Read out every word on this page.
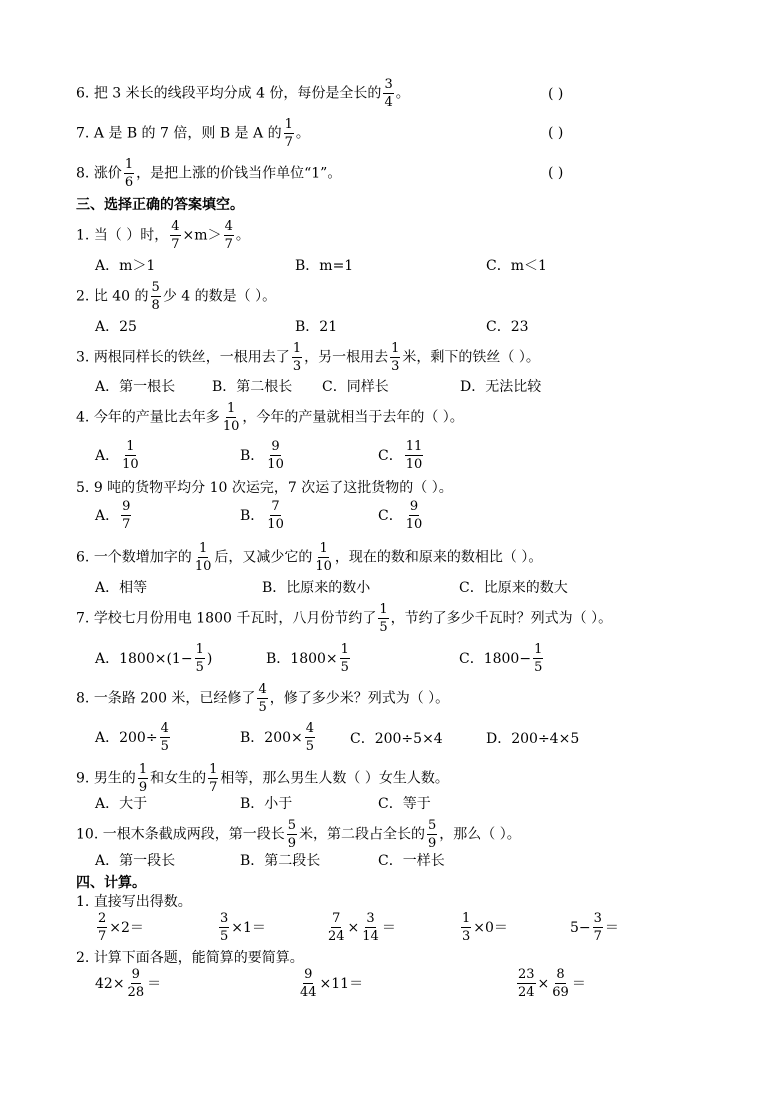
6. 把 3 米长的线段平均分成 4 份，每份是全长的 $\frac{3}{4}$ 。	( )
7. A 是 B 的 7 倍，则 B 是 A 的 $\frac{1}{7}$ 。	( )
8. 涨价 $\frac{1}{6}$ ，是把上涨的价钱当作单位“1”。	( )
三、选择正确的答案填空。
1. 当（ ）时， $\frac{4}{7} \times m> \frac{4}{7}$ 。
A．m＞1	B．m=1	C．m＜1
2. 比 40 的 $\frac{5}{8}$ 少 4 的数是（ ）。
A．25	B．21	C．23
3. 两根同样长的铁丝，一根用去了 $\frac{1}{3}$ ，另一根用去 $\frac{1}{3}$ 米，剩下的铁丝（ ）。
A．第一根长	B．第二根长 C．同样长	D．无法比较
4. 今年的产量比去年多 $\frac{1}{10}$ ，今年的产量就相当于去年的（ ）。
A． $\frac{1}{10}$	B． $\frac{9}{10}$	C． $\frac{11}{10}$
5. 9 吨的货物平均分 10 次运完，7 次运了这批货物的（ ）。
A． $\frac{9}{7}$	B． $\frac{7}{10}$	C． $\frac{9}{10}$
6. 一个数增加字的 $\frac{1}{10}$ 后，又减少它的 $\frac{1}{10}$ ，现在的数和原来的数相比（ ）。
A．相等	B．比原来的数小	C．比原来的数大
7. 学校七月份用电 1800 千瓦时，八月份节约了 $\frac{1}{5}$ ，节约了多少千瓦时？列式为（ ）。
A．$1800\times(1- \frac{1}{5}$ )	B．$1800\times \frac{1}{5}$	C．$1800- \frac{1}{5}$
8. 一条路 200 米，已经修了 $\frac{4}{5}$ ，修了多少米？列式为（ ）。
A．$200\div \frac{4}{5}$	B．$200\times \frac{4}{5}$ C．200÷5×4	D．200÷4×5
9. 男生的 $\frac{1}{9}$ 和女生的 $\frac{1}{7}$ 相等，那么男生人数（ ）女生人数。
A．大于	B．小于	C．等于
10. 一根木条截成两段，第一段长 $\frac{5}{9}$ 米，第二段占全长的 $\frac{5}{9}$ ，那么（ ）。
A．第一段长	B．第二段长	C．一样长
四、计算。
1. 直接写出得数。
$\frac{2}{7} \times 2=$	$\frac{3}{5} \times 1=$	$\frac{7}{24} \times \frac{3}{14}$ ＝	$\frac{1}{3} \times 0=$	$5- \frac{3}{7}$ ＝
2. 计算下面各题，能简算的要简算。
$42\times \frac{9}{28}$ ＝	$\frac{9}{44} \times 11=$	$\frac{23}{24} \times \frac{8}{69}$ ＝
